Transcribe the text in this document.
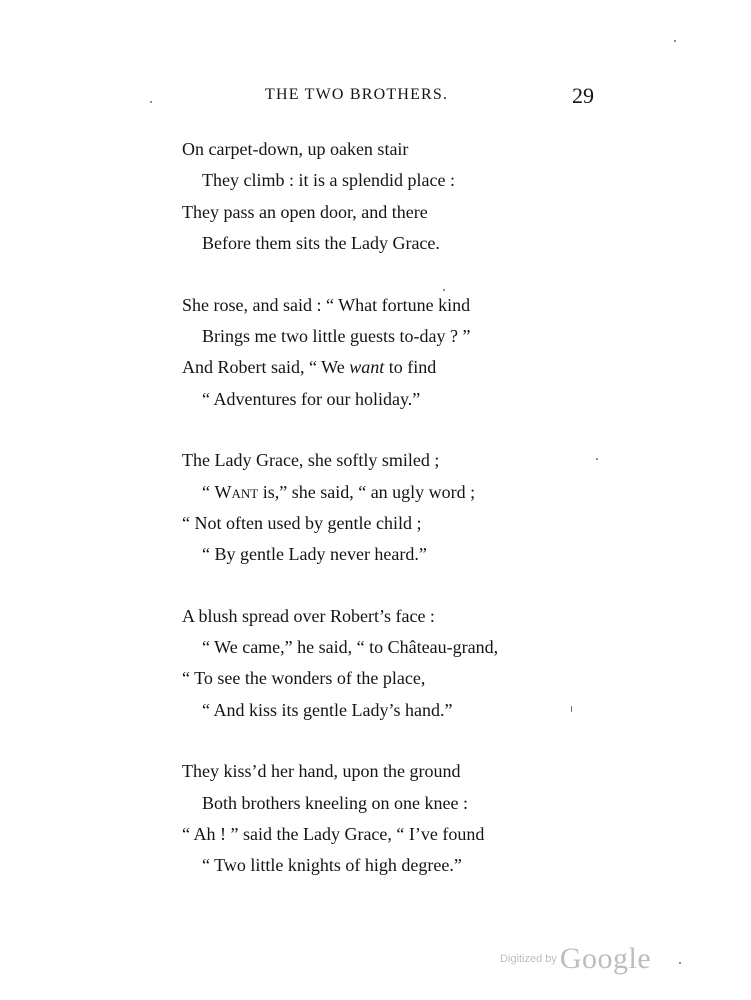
THE TWO BROTHERS.	29
On carpet-down, up oaken stair
They climb : it is a splendid place :
They pass an open door, and there
Before them sits the Lady Grace.
She rose, and said : “ What fortune kind
Brings me two little guests to-day ? ”
And Robert said, “ We want to find
“ Adventures for our holiday.”
The Lady Grace, she softly smiled ;
“ Want is,” she said, “ an ugly word ;
“ Not often used by gentle child ;
“ By gentle Lady never heard.”
A blush spread over Robert’s face :
“ We came,” he said, “ to Château-grand,
“ To see the wonders of the place,
“ And kiss its gentle Lady’s hand.”
They kiss’d her hand, upon the ground
Both brothers kneeling on one knee :
“ Ah ! ” said the Lady Grace, “ I’ve found
“ Two little knights of high degree.”
Digitized by Google
